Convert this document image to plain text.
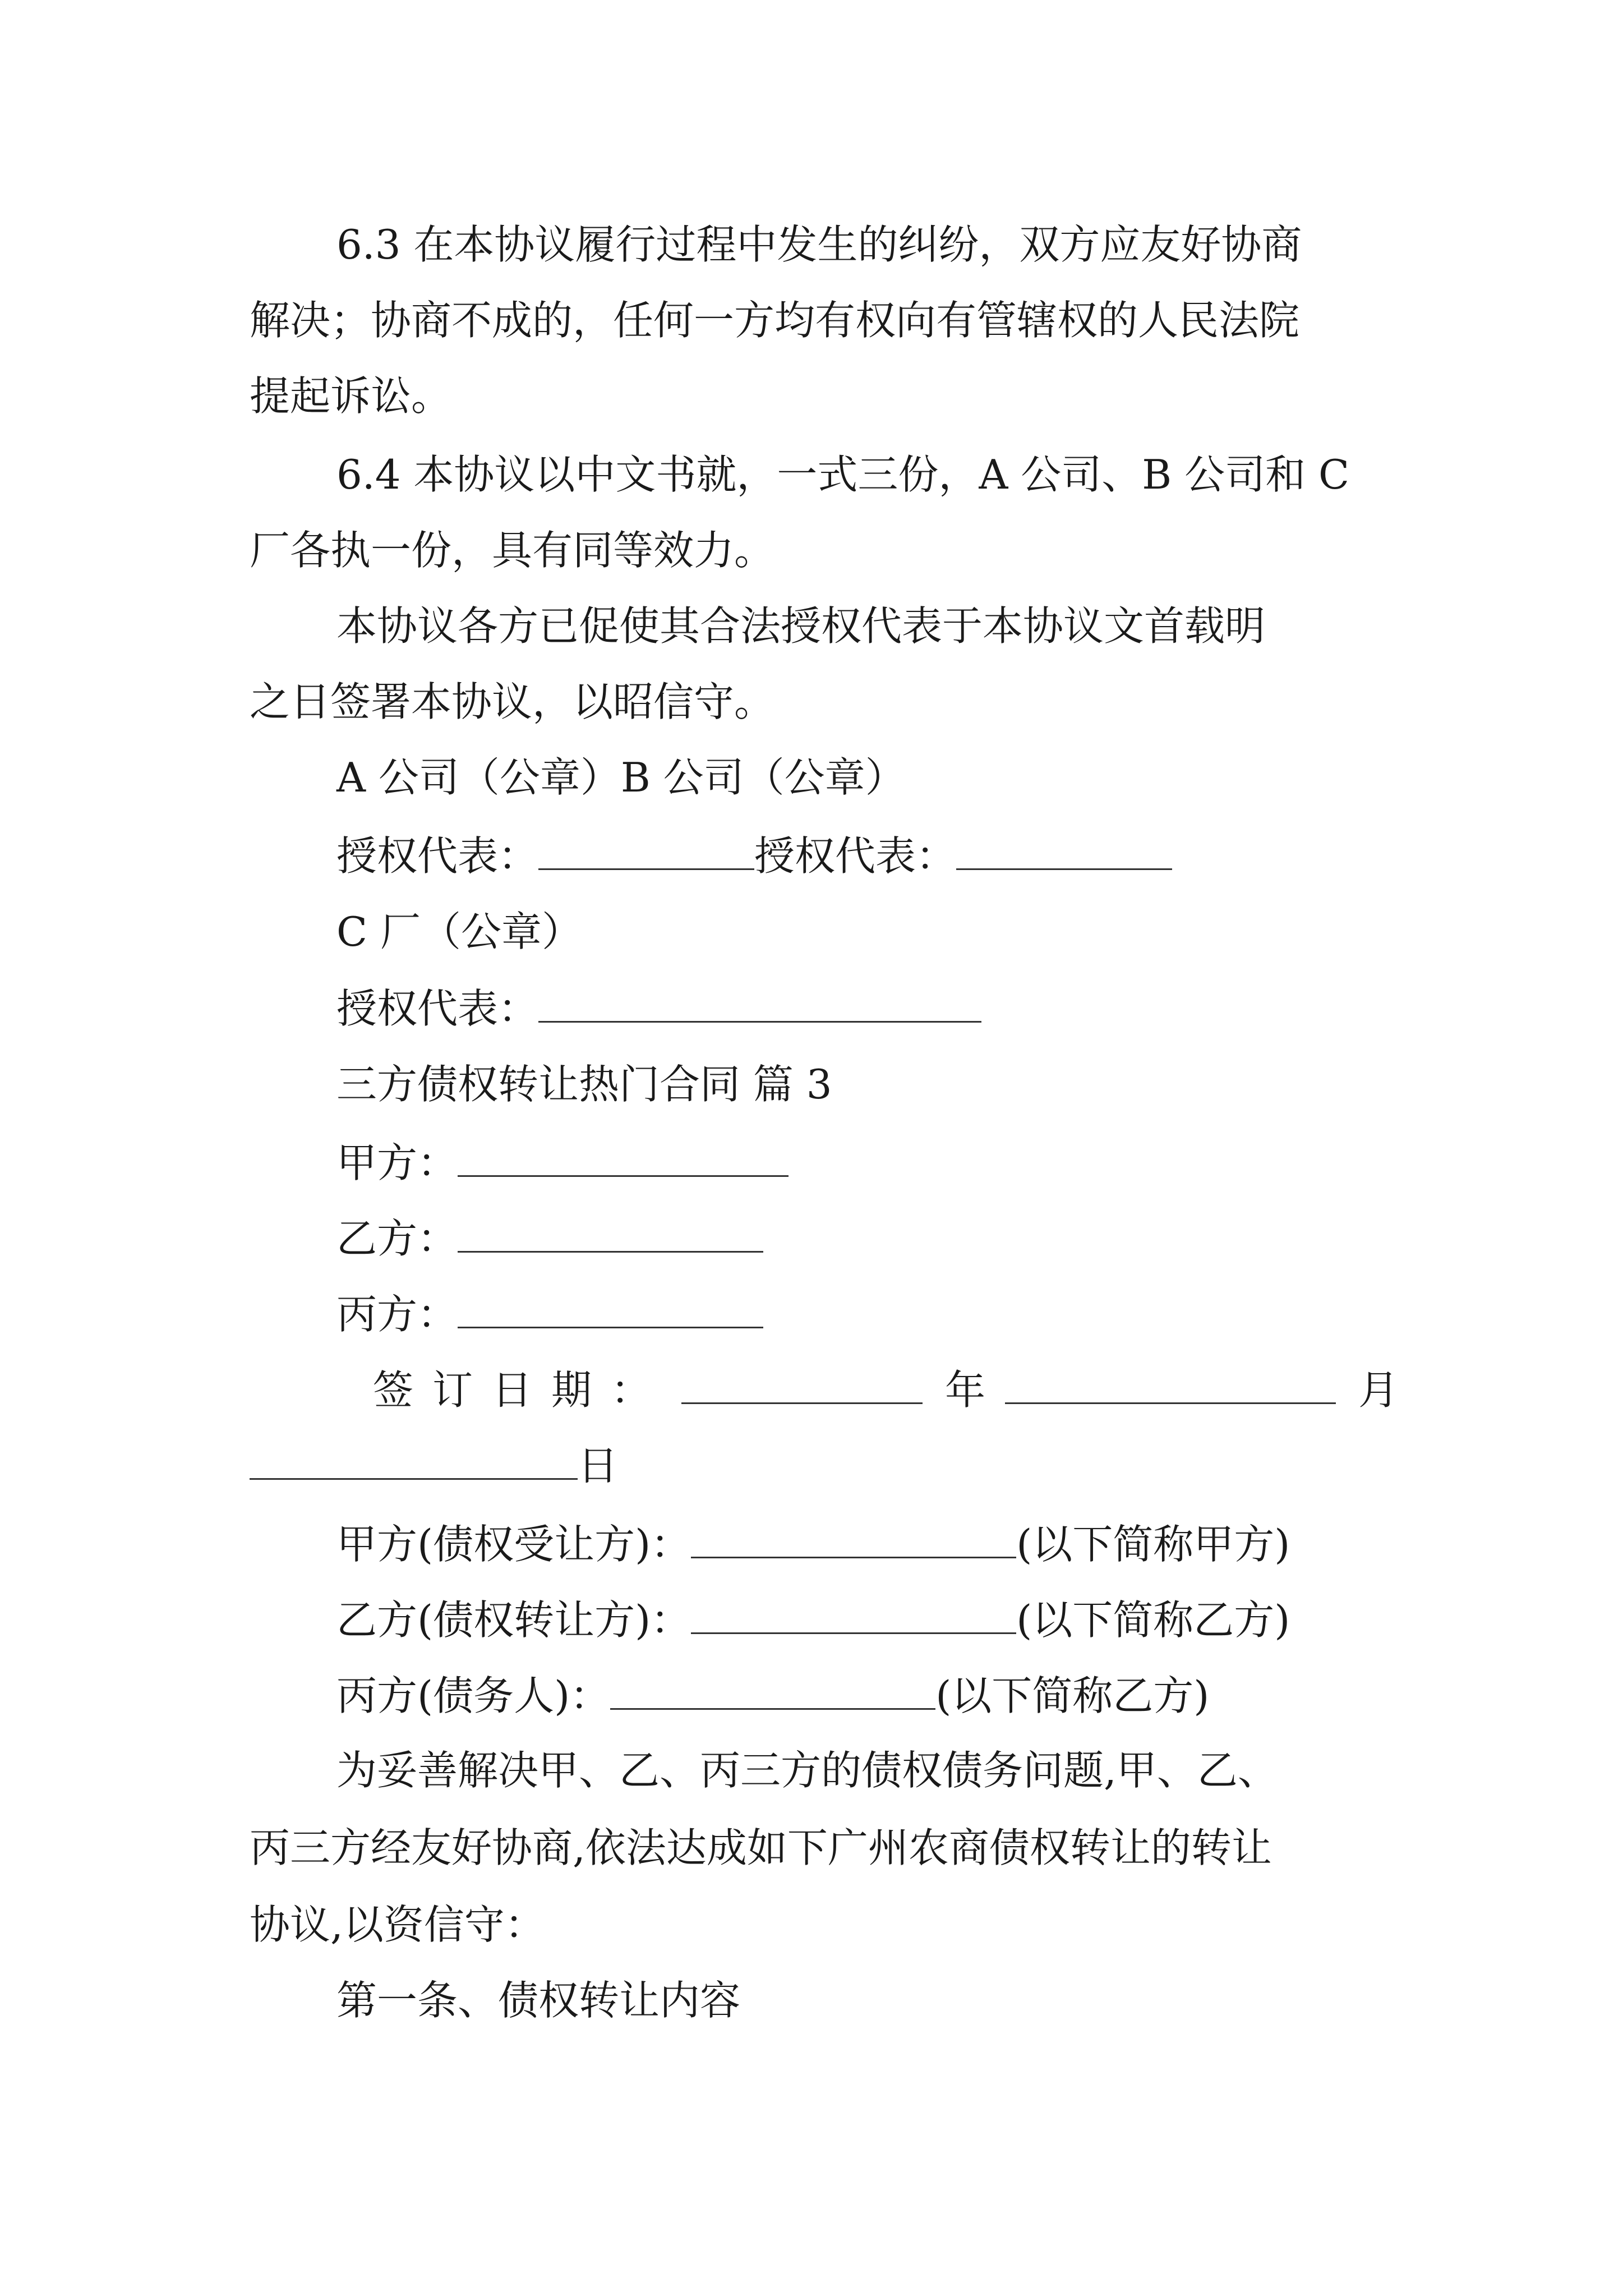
6.3 在本协议履行过程中发生的纠纷，双方应友好协商
解决；协商不成的，任何一方均有权向有管辖权的人民法院
提起诉讼。
6.4 本协议以中文书就，一式三份，A 公司、B 公司和 C
厂各执一份，具有同等效力。
本协议各方已促使其合法授权代表于本协议文首载明
之日签署本协议，以昭信守。
A 公司（公章）B 公司（公章）
授权代表：	授权代表：
C 厂（公章）
授权代表：
三方债权转让热门合同 篇 3
甲方：
乙方：
丙方：
签订日期：	年	月
日
甲方(债权受让方)：	(以下简称甲方)
乙方(债权转让方)：	(以下简称乙方)
丙方(债务人)：	(以下简称乙方)
为妥善解决甲、乙、丙三方的债权债务问题,甲、乙、
丙三方经友好协商,依法达成如下广州农商债权转让的转让
协议,以资信守：
第一条、债权转让内容
